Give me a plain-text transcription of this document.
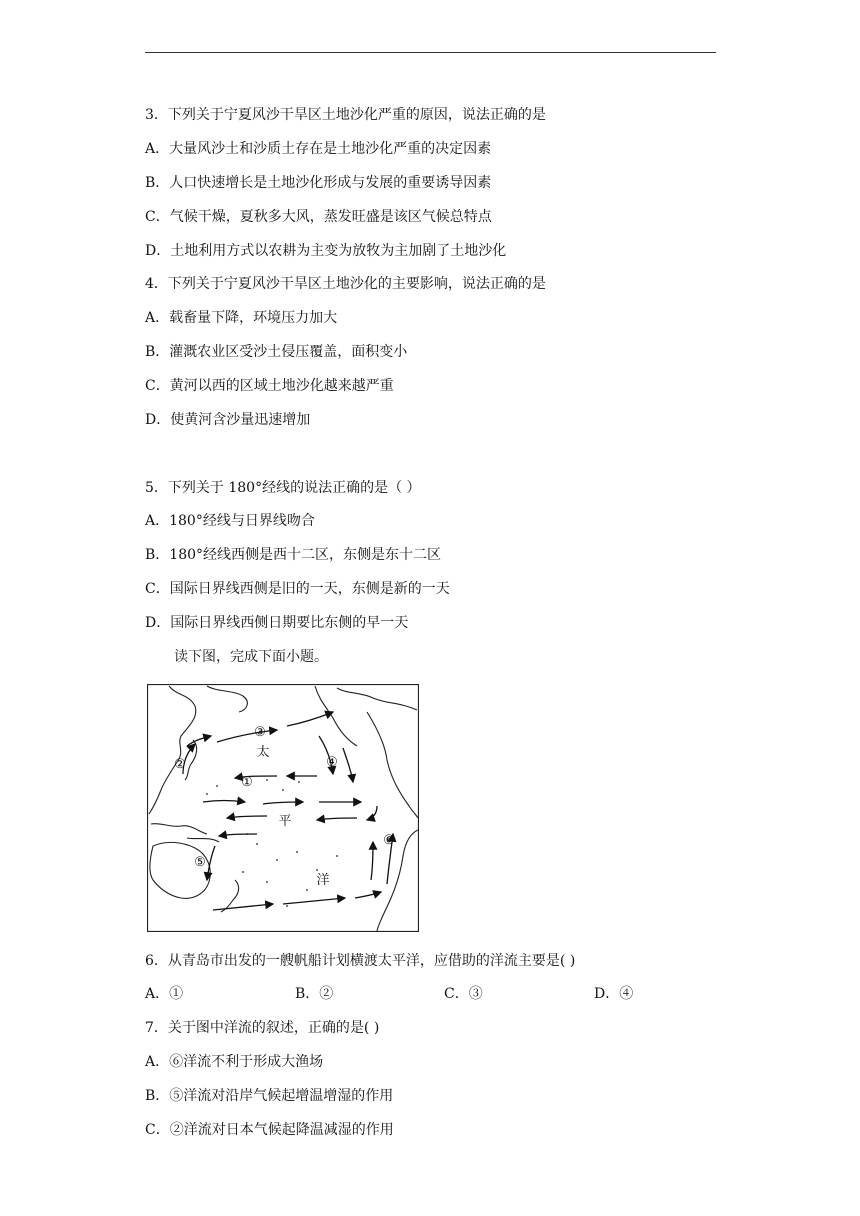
3．下列关于宁夏风沙干旱区土地沙化严重的原因，说法正确的是
A．大量风沙土和沙质土存在是土地沙化严重的决定因素
B．人口快速增长是土地沙化形成与发展的重要诱导因素
C．气候干燥，夏秋多大风，蒸发旺盛是该区气候总特点
D．土地利用方式以农耕为主变为放牧为主加剧了土地沙化
4．下列关于宁夏风沙干旱区土地沙化的主要影响，说法正确的是
A．载畜量下降，环境压力加大
B．灌溉农业区受沙土侵压覆盖，面积变小
C．黄河以西的区域土地沙化越来越严重
D．使黄河含沙量迅速增加
5．下列关于 180°经线的说法正确的是（ ）
A．180°经线与日界线吻合
B．180°经线西侧是西十二区，东侧是东十二区
C．国际日界线西侧是旧的一天，东侧是新的一天
D．国际日界线西侧日期要比东侧的早一天
读下图，完成下面小题。
③
太
②
①
④
平
⑥
⑤
洋
6．从青岛市出发的一艘帆船计划横渡太平洋，应借助的洋流主要是( )
A．①	B．②	C．③	D．④
7．关于图中洋流的叙述，正确的是( )
A．⑥洋流不利于形成大渔场
B．⑤洋流对沿岸气候起增温增湿的作用
C．②洋流对日本气候起降温减湿的作用
